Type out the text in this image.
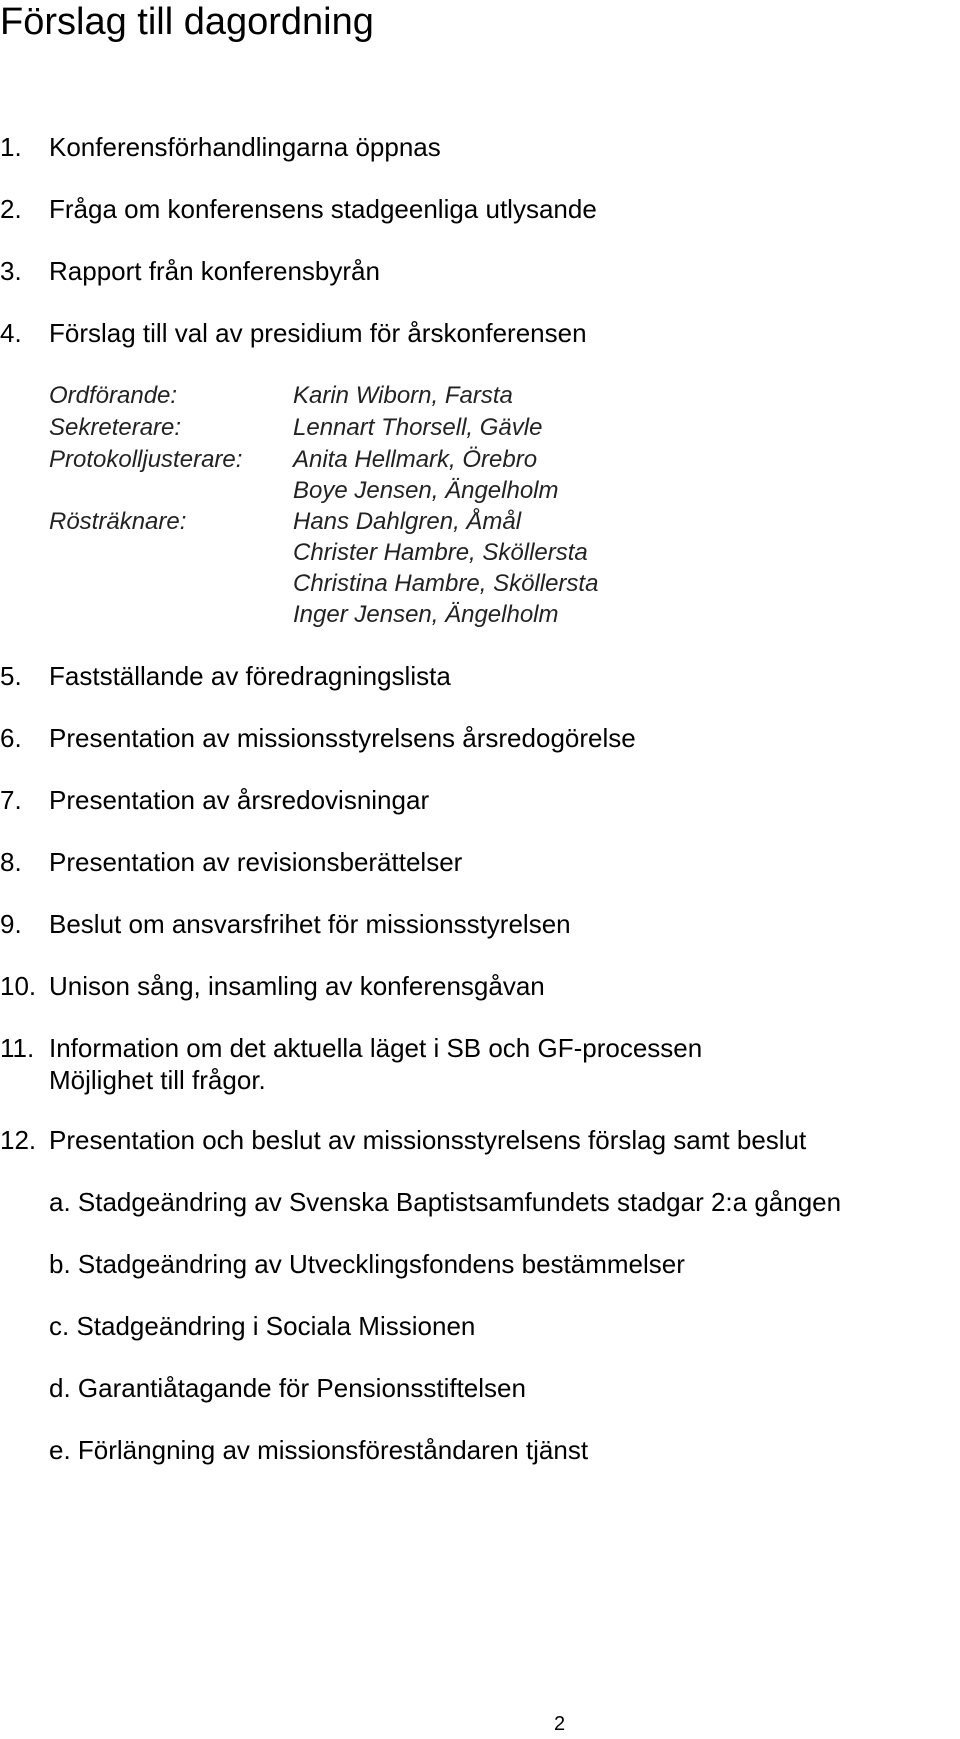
Förslag till dagordning
1. Konferensförhandlingarna öppnas
2. Fråga om konferensens stadgeenliga utlysande
3. Rapport från konferensbyrån
4. Förslag till val av presidium för årskonferensen
Ordförande:
Sekreterare:
Protokolljusterare:
Rösträknare:
Karin Wiborn, Farsta
Lennart Thorsell, Gävle
Anita Hellmark, Örebro
Boye Jensen, Ängelholm
Hans Dahlgren, Åmål
Christer Hambre, Sköllersta
Christina Hambre, Sköllersta
Inger Jensen, Ängelholm
5. Fastställande av föredragningslista
6. Presentation av missionsstyrelsens årsredogörelse
7. Presentation av årsredovisningar
8. Presentation av revisionsberättelser
9. Beslut om ansvarsfrihet för missionsstyrelsen
10. Unison sång, insamling av konferensgåvan
11. Information om det aktuella läget i SB och GF-processen
Möjlighet till frågor.
12. Presentation och beslut av missionsstyrelsens förslag samt beslut
a. Stadgeändring av Svenska Baptistsamfundets stadgar 2:a gången
b. Stadgeändring av Utvecklingsfondens bestämmelser
c. Stadgeändring i Sociala Missionen
d. Garantiåtagande för Pensionsstiftelsen
e. Förlängning av missionsföreståndaren tjänst
2
